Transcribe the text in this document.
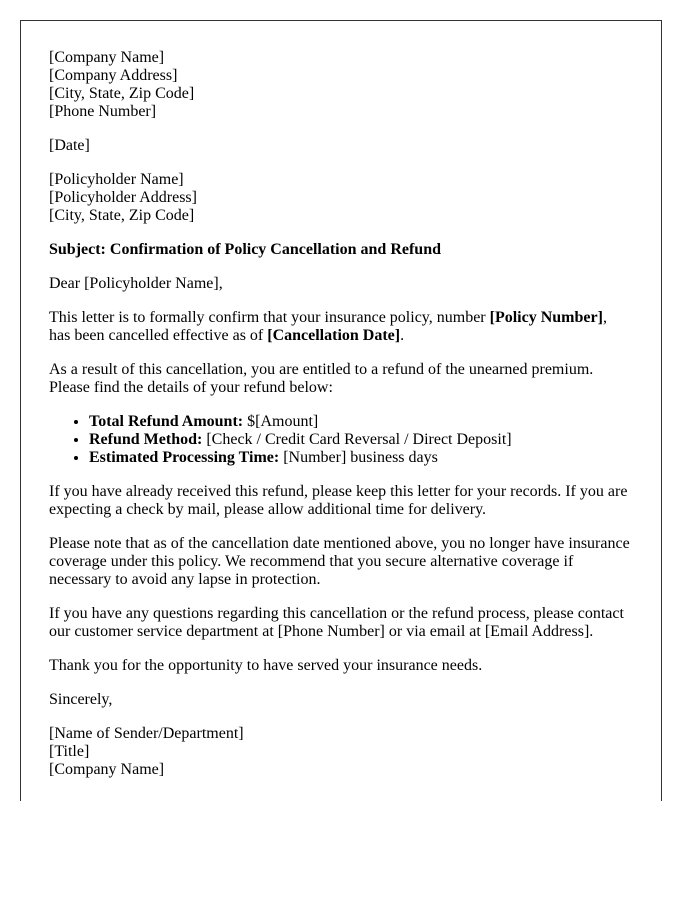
[Company Name]
[Company Address]
[City, State, Zip Code]
[Phone Number]

[Date]

[Policyholder Name]
[Policyholder Address]
[City, State, Zip Code]

Subject: Confirmation of Policy Cancellation and Refund

Dear [Policyholder Name],

This letter is to formally confirm that your insurance policy, number [Policy Number], has been cancelled effective as of [Cancellation Date].

As a result of this cancellation, you are entitled to a refund of the unearned premium. Please find the details of your refund below:

• Total Refund Amount: $[Amount]
• Refund Method: [Check / Credit Card Reversal / Direct Deposit]
• Estimated Processing Time: [Number] business days

If you have already received this refund, please keep this letter for your records. If you are expecting a check by mail, please allow additional time for delivery.

Please note that as of the cancellation date mentioned above, you no longer have insurance coverage under this policy. We recommend that you secure alternative coverage if necessary to avoid any lapse in protection.

If you have any questions regarding this cancellation or the refund process, please contact our customer service department at [Phone Number] or via email at [Email Address].

Thank you for the opportunity to have served your insurance needs.

Sincerely,

[Name of Sender/Department]
[Title]
[Company Name]
